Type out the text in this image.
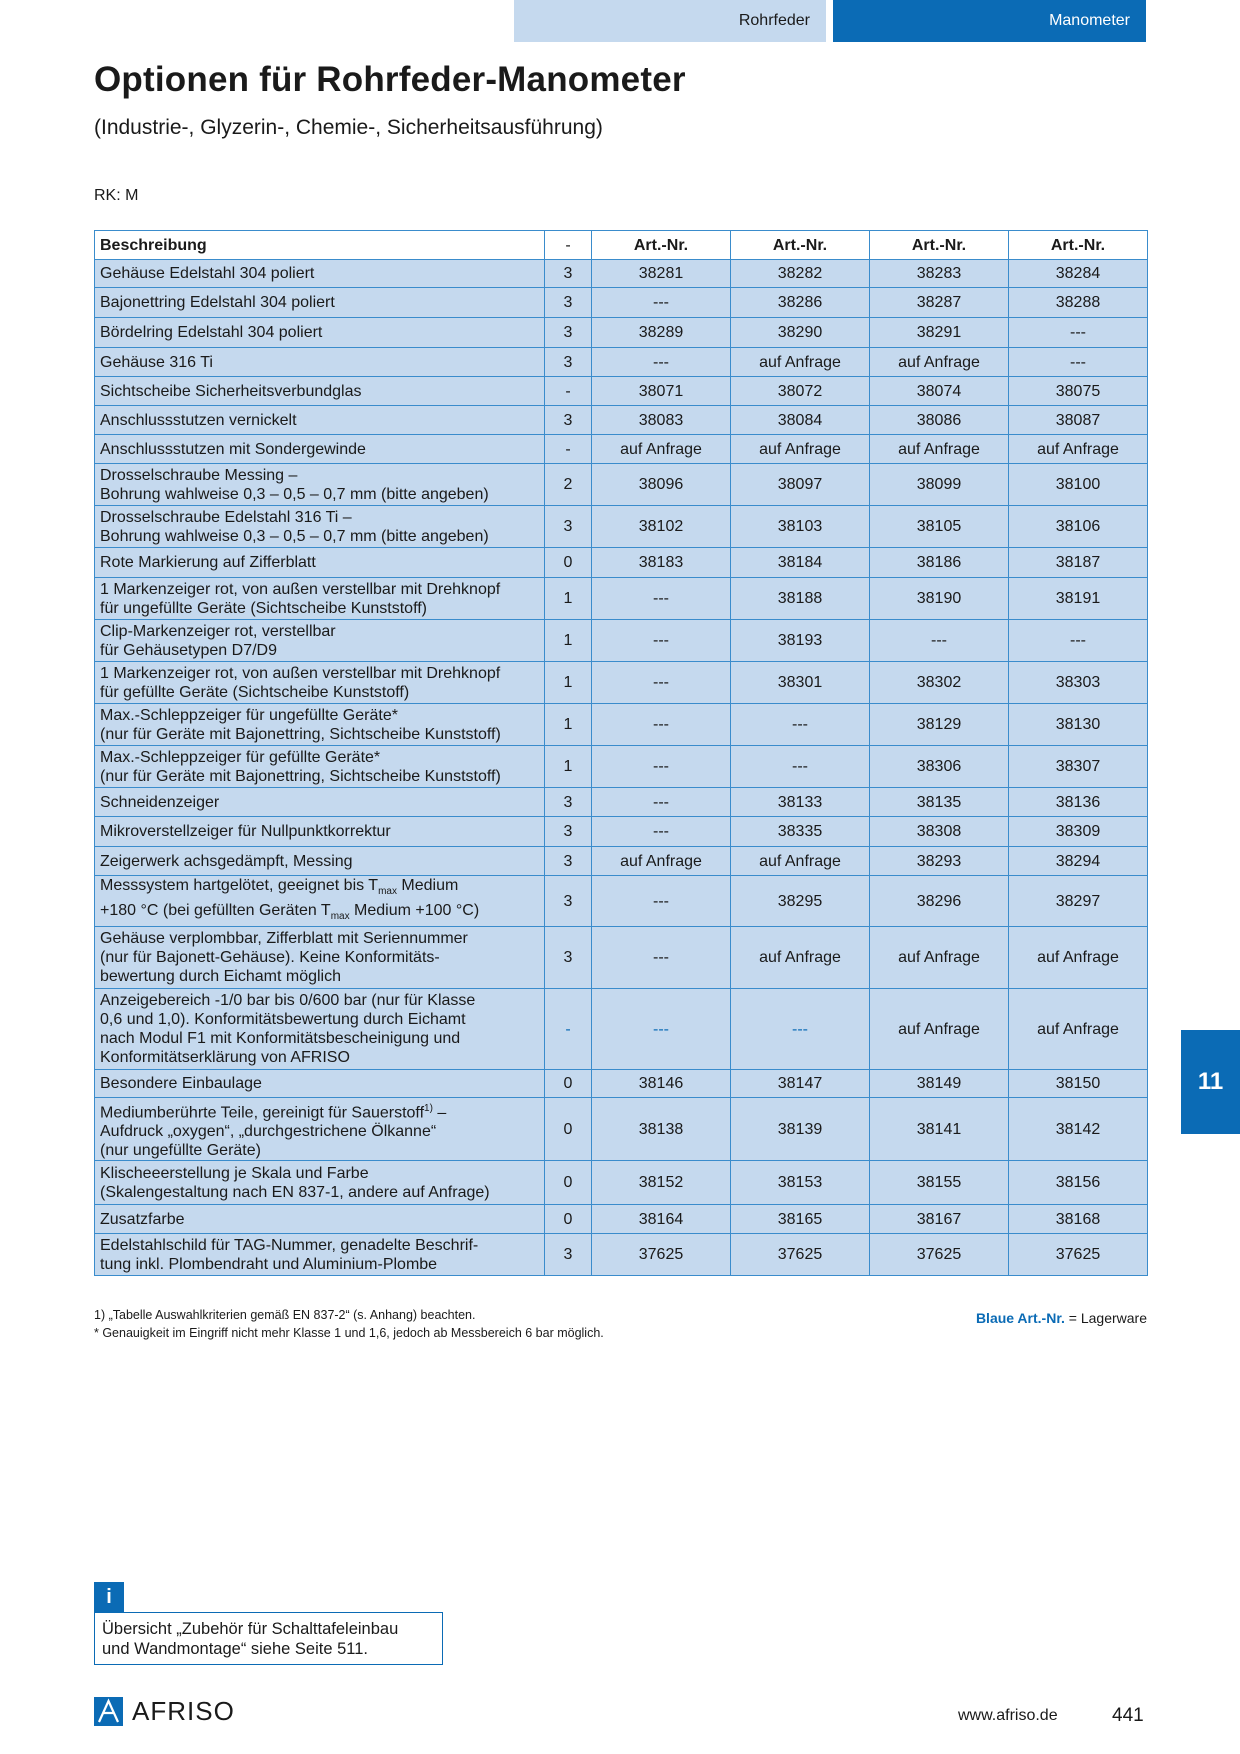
Rohrfeder	Manometer
Optionen für Rohrfeder-Manometer
(Industrie-, Glyzerin-, Chemie-, Sicherheitsausführung)
RK: M
Beschreibung	-	Art.-Nr.	Art.-Nr.	Art.-Nr.	Art.-Nr.

Gehäuse Edelstahl 304 poliert	3	38281	38282	38283	38284

Bajonettring Edelstahl 304 poliert	3	---	38286	38287	38288

Bördelring Edelstahl 304 poliert	3	38289	38290	38291	---

Gehäuse 316 Ti	3	---	auf Anfrage	auf Anfrage	---

Sichtscheibe Sicherheitsverbundglas	-	38071	38072	38074	38075

Anschlussstutzen vernickelt	3	38083	38084	38086	38087

Anschlussstutzen mit Sondergewinde	-	auf Anfrage	auf Anfrage	auf Anfrage	auf Anfrage

Drosselschraube Messing –
Bohrung wahlweise 0,3 – 0,5 – 0,7 mm (bitte angeben)	2	38096	38097	38099	38100

Drosselschraube Edelstahl 316 Ti –
Bohrung wahlweise 0,3 – 0,5 – 0,7 mm (bitte angeben)	3	38102	38103	38105	38106

Rote Markierung auf Zifferblatt	0	38183	38184	38186	38187

1 Markenzeiger rot, von außen verstellbar mit Drehknopf
für ungefüllte Geräte (Sichtscheibe Kunststoff)	1	---	38188	38190	38191

Clip-Markenzeiger rot, verstellbar
für Gehäusetypen D7/D9	1	---	38193	---	---

1 Markenzeiger rot, von außen verstellbar mit Drehknopf
für gefüllte Geräte (Sichtscheibe Kunststoff)	1	---	38301	38302	38303

Max.-Schleppzeiger für ungefüllte Geräte*
(nur für Geräte mit Bajonettring, Sichtscheibe Kunststoff)	1	---	---	38129	38130

Max.-Schleppzeiger für gefüllte Geräte*
(nur für Geräte mit Bajonettring, Sichtscheibe Kunststoff)	1	---	---	38306	38307

Schneidenzeiger	3	---	38133	38135	38136

Mikroverstellzeiger für Nullpunktkorrektur	3	---	38335	38308	38309

Zeigerwerk achsgedämpft, Messing	3	auf Anfrage	auf Anfrage	38293	38294

Messsystem hartgelötet, geeignet bis $T_{max}$ Medium
+180 °C (bei gefüllten Geräten $T_{max}$ Medium +100 °C)	3	---	38295	38296	38297

Gehäuse verplombbar, Zifferblatt mit Seriennummer
(nur für Bajonett-Gehäuse). Keine Konformitäts-
bewertung durch Eichamt möglich	3	---	auf Anfrage	auf Anfrage	auf Anfrage

Anzeigebereich -1/0 bar bis 0/600 bar (nur für Klasse
0,6 und 1,0). Konformitätsbewertung durch Eichamt
nach Modul F1 mit Konformitätsbescheinigung und
Konformitätserklärung von AFRISO	-	---	---	auf Anfrage	auf Anfrage

Besondere Einbaulage	0	38146	38147	38149	38150

Mediumberührte Teile, gereinigt für Sauerstoff$^{1)}$ –
Aufdruck „oxygen“, „durchgestrichene Ölkanne“
(nur ungefüllte Geräte)	0	38138	38139	38141	38142

Klischeeerstellung je Skala und Farbe
(Skalengestaltung nach EN 837-1, andere auf Anfrage)	0	38152	38153	38155	38156

Zusatzfarbe	0	38164	38165	38167	38168

Edelstahlschild für TAG-Nummer, genadelte Beschrif-
tung inkl. Plombendraht und Aluminium-Plombe	3	37625	37625	37625	37625
1) „Tabelle Auswahlkriterien gemäß EN 837-2“ (s. Anhang) beachten.
* Genauigkeit im Eingriff nicht mehr Klasse 1 und 1,6, jedoch ab Messbereich 6 bar möglich.
Blaue Art.-Nr. = Lagerware
11
i
Übersicht „Zubehör für Schalttafeleinbau
und Wandmontage“ siehe Seite 511.
AFRISO	www.afriso.de	441
